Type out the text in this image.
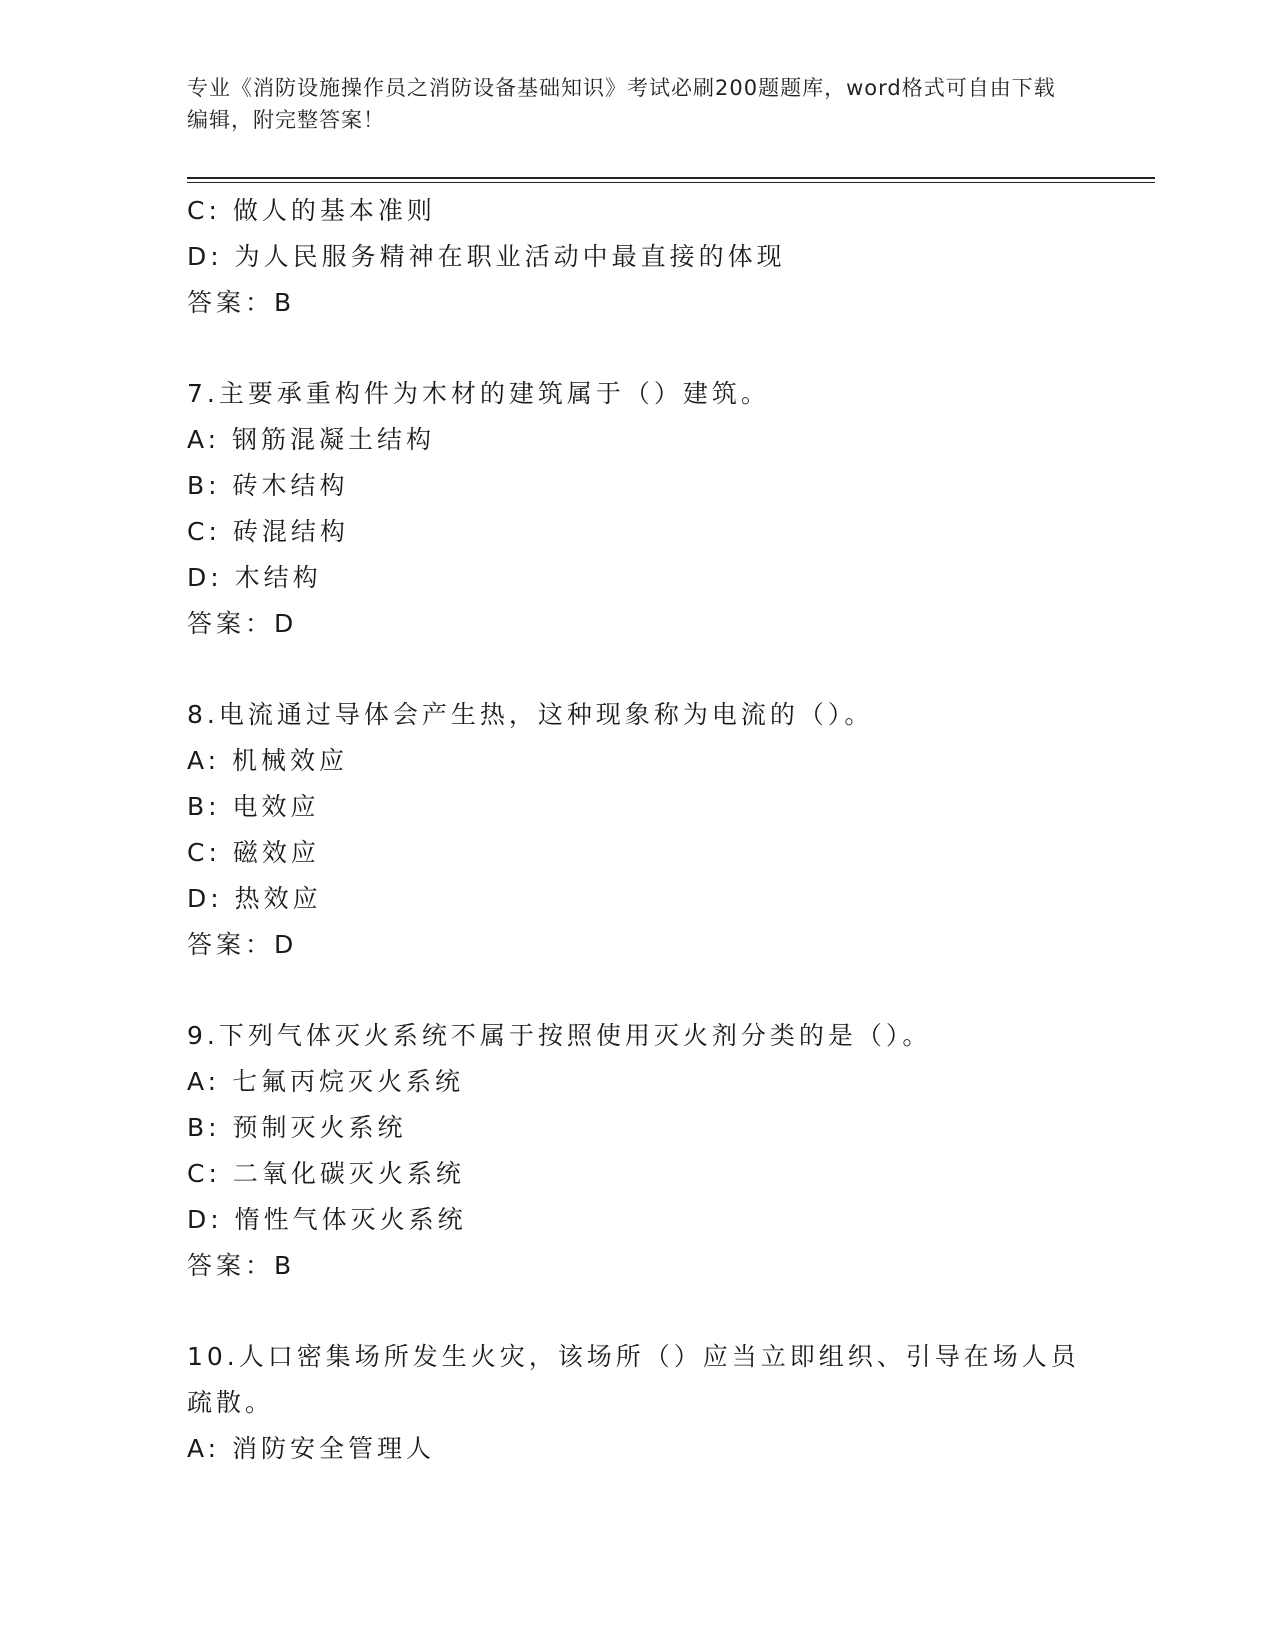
专业《消防设施操作员之消防设备基础知识》考试必刷200题题库，word格式可自由下载编辑，附完整答案！
C: 做人的基本准则
D: 为人民服务精神在职业活动中最直接的体现
答案：B
7.主要承重构件为木材的建筑属于（）建筑。
A: 钢筋混凝土结构
B: 砖木结构
C: 砖混结构
D: 木结构
答案：D
8.电流通过导体会产生热，这种现象称为电流的（）。
A: 机械效应
B: 电效应
C: 磁效应
D: 热效应
答案：D
9.下列气体灭火系统不属于按照使用灭火剂分类的是（）。
A: 七氟丙烷灭火系统
B: 预制灭火系统
C: 二氧化碳灭火系统
D: 惰性气体灭火系统
答案：B
10.人口密集场所发生火灾，该场所（）应当立即组织、引导在场人员
疏散。
A: 消防安全管理人
